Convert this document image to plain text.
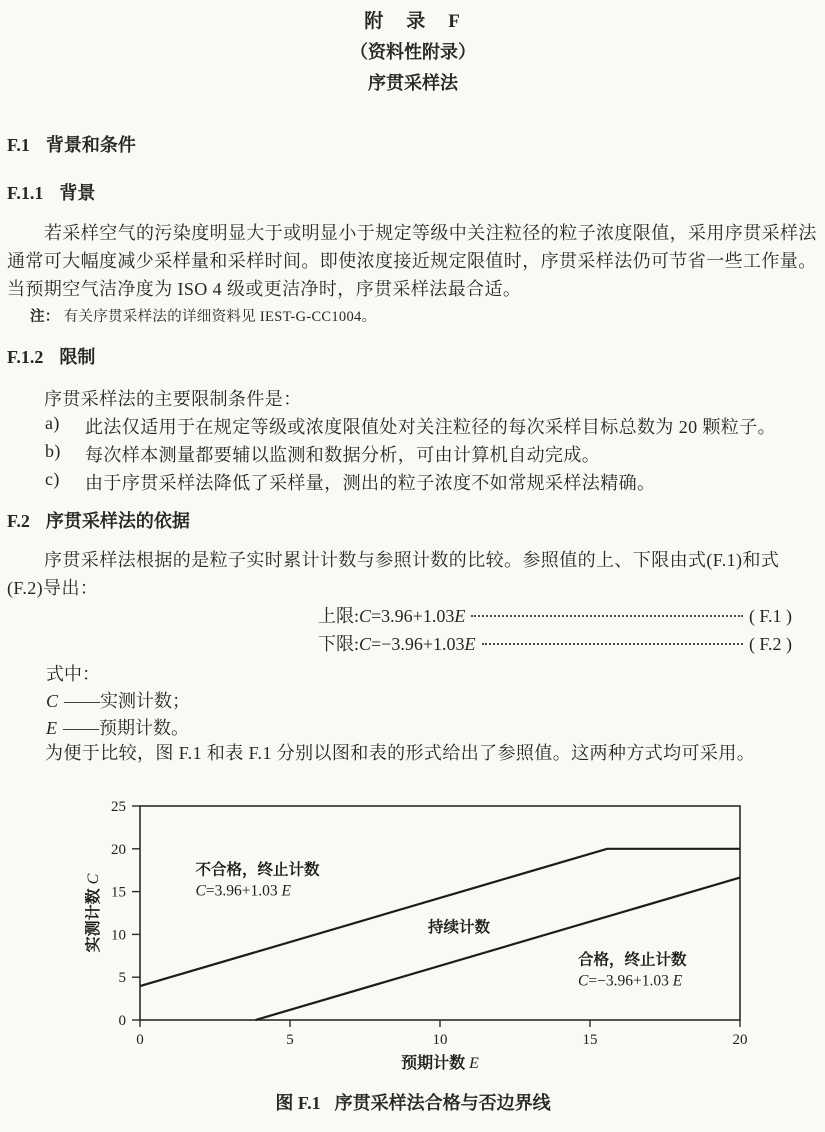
附　录　F
（资料性附录）
序贯采样法
F.1 背景和条件
F.1.1 背景
若采样空气的污染度明显大于或明显小于规定等级中关注粒径的粒子浓度限值，采用序贯采样法
通常可大幅度减少采样量和采样时间。即使浓度接近规定限值时，序贯采样法仍可节省一些工作量。
当预期空气洁净度为 ISO 4 级或更洁净时，序贯采样法最合适。
注： 有关序贯采样法的详细资料见 IEST-G-CC1004。
F.1.2 限制
序贯采样法的主要限制条件是：
a)	此法仅适用于在规定等级或浓度限值处对关注粒径的每次采样目标总数为 20 颗粒子。
b)	每次样本测量都要辅以监测和数据分析，可由计算机自动完成。
c)	由于序贯采样法降低了采样量，测出的粒子浓度不如常规采样法精确。
F.2 序贯采样法的依据
序贯采样法根据的是粒子实时累计计数与参照计数的比较。参照值的上、下限由式(F.1)和式
(F.2)导出：
上限:C=3.96+1.03E	( F.1 )
下限:C=−3.96+1.03E	( F.2 )
式中：
C ——实测计数；
E ——预期计数。
为便于比较，图 F.1 和表 F.1 分别以图和表的形式给出了参照值。这两种方式均可采用。
0	5	10	15	20
0
5
10
15
20
25
不合格，终止计数
C=3.96+1.03 E
持续计数
合格，终止计数
C=−3.96+1.03 E
预期计数 E
实测计数 C
图 F.1 序贯采样法合格与否边界线
